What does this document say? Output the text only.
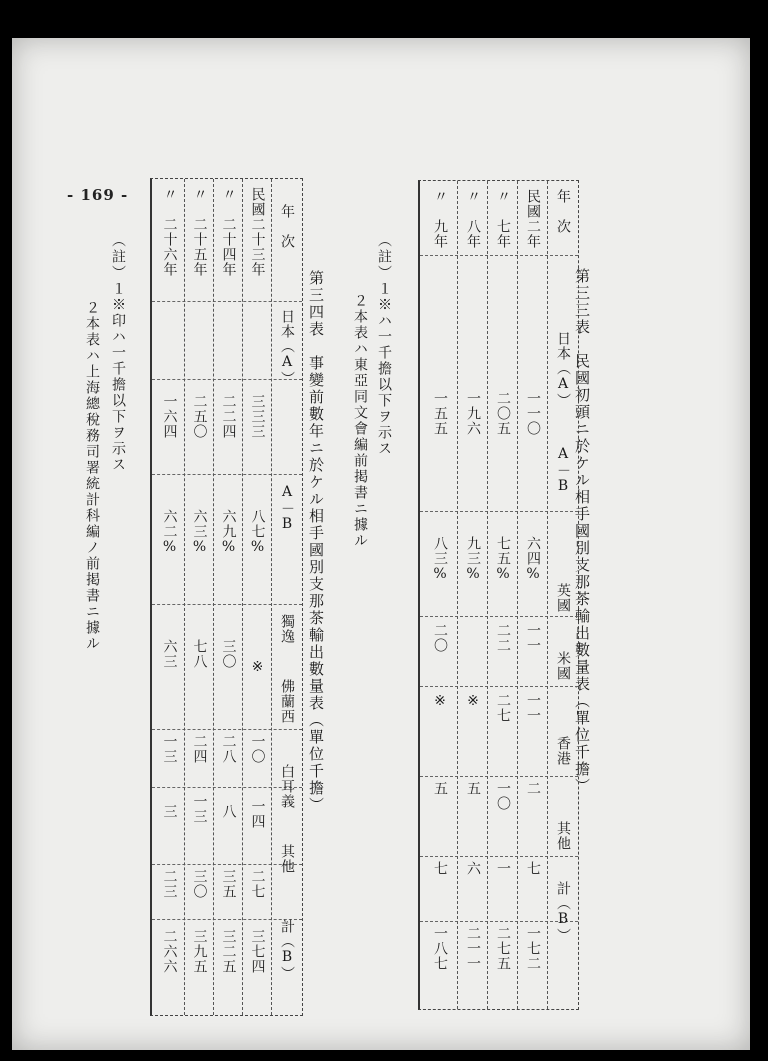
- 169 -
第三三表　民國初頭ニ於ケル相手國別支那茶輸出數量表（單位千擔）
年　次
日本（A）
A－B
英國
米國
香港
其他
計（B）
民國二年
一一〇
六四%
一一
一一
二
七
一七二
〃　七年
二〇五
七五%
二二
二七
一〇
一
二七五
〃　八年
一九六
九三%
※
五
六
二一一
〃　九年
一五五
八三%
二〇
※
五
七
一八七
（註）１※ハ一千擔以下ヲ示ス
２本表ハ東亞同文會編前掲書ニ據ル
第三四表　事變前數年ニ於ケル相手國別支那茶輸出數量表（單位千擔）
年　次
日本（A）
A－B
獨逸
佛蘭西
白耳義
其他
計（B）
民國二十三年
三三三
八七%
※
一〇
一四
二七
三七四
〃　二十四年
二二四
六九%
三〇
二八
八
三五
三二五
〃　二十五年
二五〇
六三%
七八
二四
一三
三〇
三九五
〃　二十六年
一六四
六二%
六三
一三
三
二三
二六六
（註）１※印ハ一千擔以下ヲ示ス
２本表ハ上海總稅務司署統計科編ノ前掲書ニ據ル
